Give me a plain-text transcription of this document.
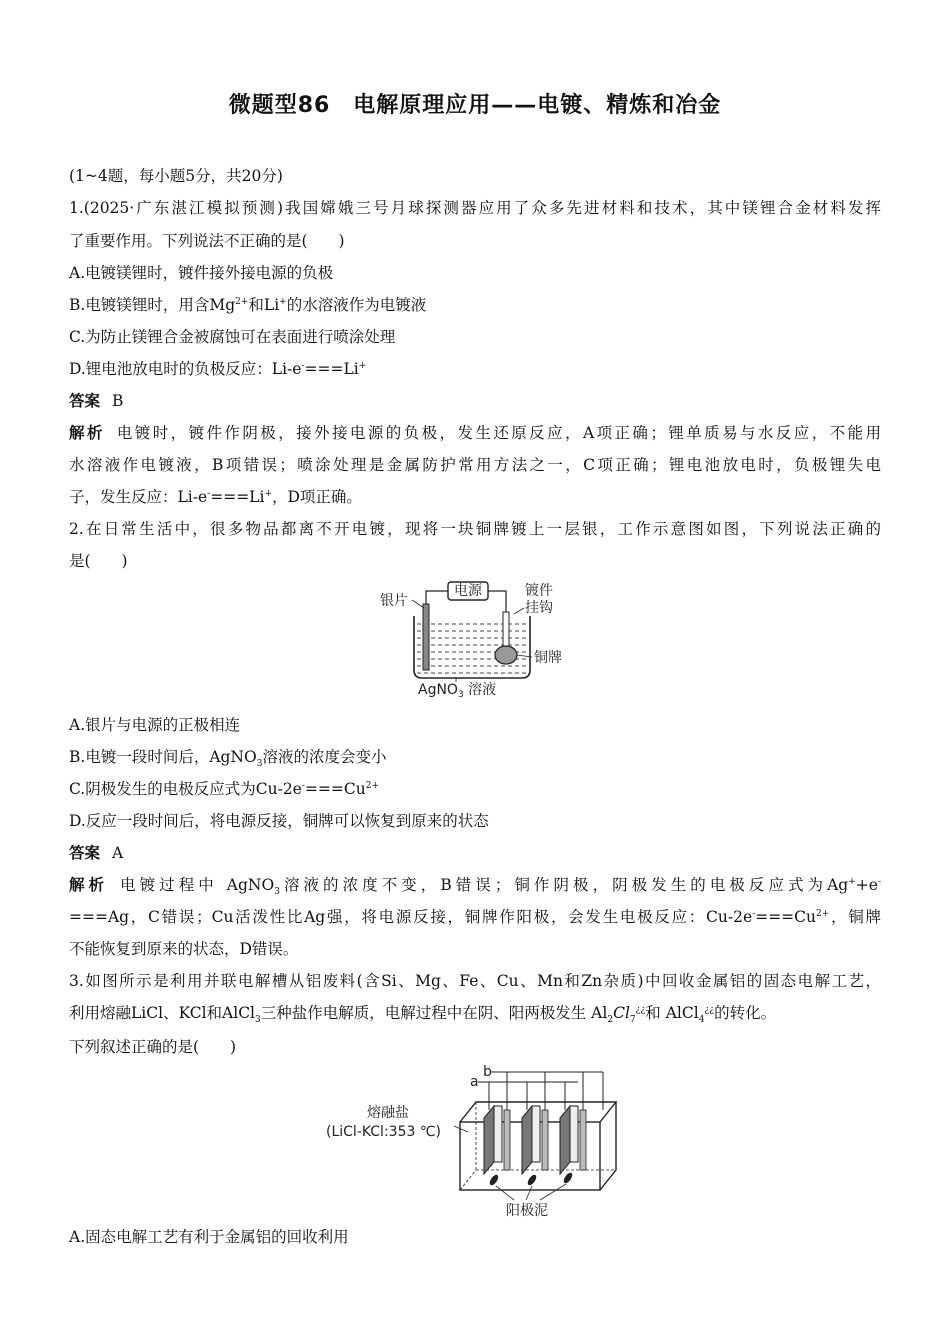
微题型86　电解原理应用——电镀、精炼和冶金
(1~4题，每小题5分，共20分)
1.(2025·广东湛江模拟预测)我国嫦娥三号月球探测器应用了众多先进材料和技术，其中镁锂合金材料发挥
了重要作用。下列说法不正确的是(　　)
A.电镀镁锂时，镀件接外接电源的负极
B.电镀镁锂时，用含$Mg^{2+}$和Li+的水溶液作为电镀液
C.为防止镁锂合金被腐蚀可在表面进行喷涂处理
D.锂电池放电时的负极反应：Li-e-===Li+
答案 B
解析 电镀时，镀件作阴极，接外接电源的负极，发生还原反应，A项正确；锂单质易与水反应，不能用
水溶液作电镀液，B项错误；喷涂处理是金属防护常用方法之一，C项正确；锂电池放电时，负极锂失电
子，发生反应：Li-e-===Li+，D项正确。
2.在日常生活中，很多物品都离不开电镀，现将一块铜牌镀上一层银，工作示意图如图，下列说法正确的
是(　　)
电源
银片
镀件
挂钩
铜牌
AgNO$_3$ 溶液
A.银片与电源的正极相连
B.电镀一段时间后，AgNO$_3$溶液的浓度会变小
C.阴极发生的电极反应式为$Cu-2e^-===Cu^{2+}$
D.反应一段时间后，将电源反接，铜牌可以恢复到原来的状态
答案 A
解析 电镀过程中 AgNO$_3$溶液的浓度不变，B错误；铜作阴极，阴极发生的电极反应式为Ag++e-
===Ag，C错误；Cu活泼性比Ag强，将电源反接，铜牌作阳极，会发生电极反应：$Cu-2e^-===Cu^{2+}$，铜牌
不能恢复到原来的状态，D错误。
3.如图所示是利用并联电解槽从铝废料(含Si、Mg、Fe、Cu、Mn和Zn杂质)中回收金属铝的固态电解工艺，
利用熔融LiCl、KCl和AlCl$_3$三种盐作电解质，电解过程中在阴、阳两极发生 $Al_2Cl_7^{¿¿}$和 AlCl$_4$¿¿的转化。
下列叙述正确的是(　　)
a
b
熔融盐
(LiCl-KCl:353 ℃)
阳极泥
A.固态电解工艺有利于金属铝的回收利用
